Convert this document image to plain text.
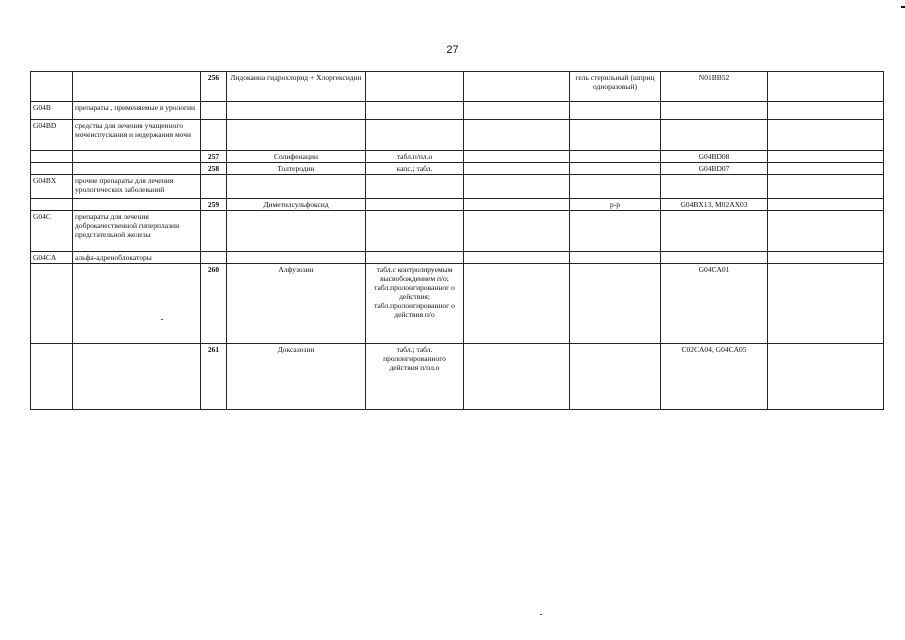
27
		256	Лидокаина гидрохлорид + Хлоргексидин			гель стерильный (шприц одноразовый)	N01BB52	
G04B	препараты , применяемые в урологии							
G04BD	средства для лечения учащенного мочеиспускания и недержания мочи							
		257	Солифенацин	табл.п/пл.о			G04BD08	
		258	Толтеродин	капс.; табл.			G04BD07	
G04BX	прочие препараты для лечения урологических заболеваний							
		259	Диметилсульфоксид			р-р	G04BX13, M02AX03	
G04C	препараты для лечения доброкачественной гиперплазии предстательной железы							
G04CA	альфа-адреноблокаторы							
		260	Алфузозин	табл.с контролируемым высвобождением п/о; табл.пролонгированног о действия; табл.пролонгированног о действия п/о			G04CA01	
		261	Доксазозин	табл.; табл. пролонгированного действия п/пл.о			C02CA04, G04CA05	
